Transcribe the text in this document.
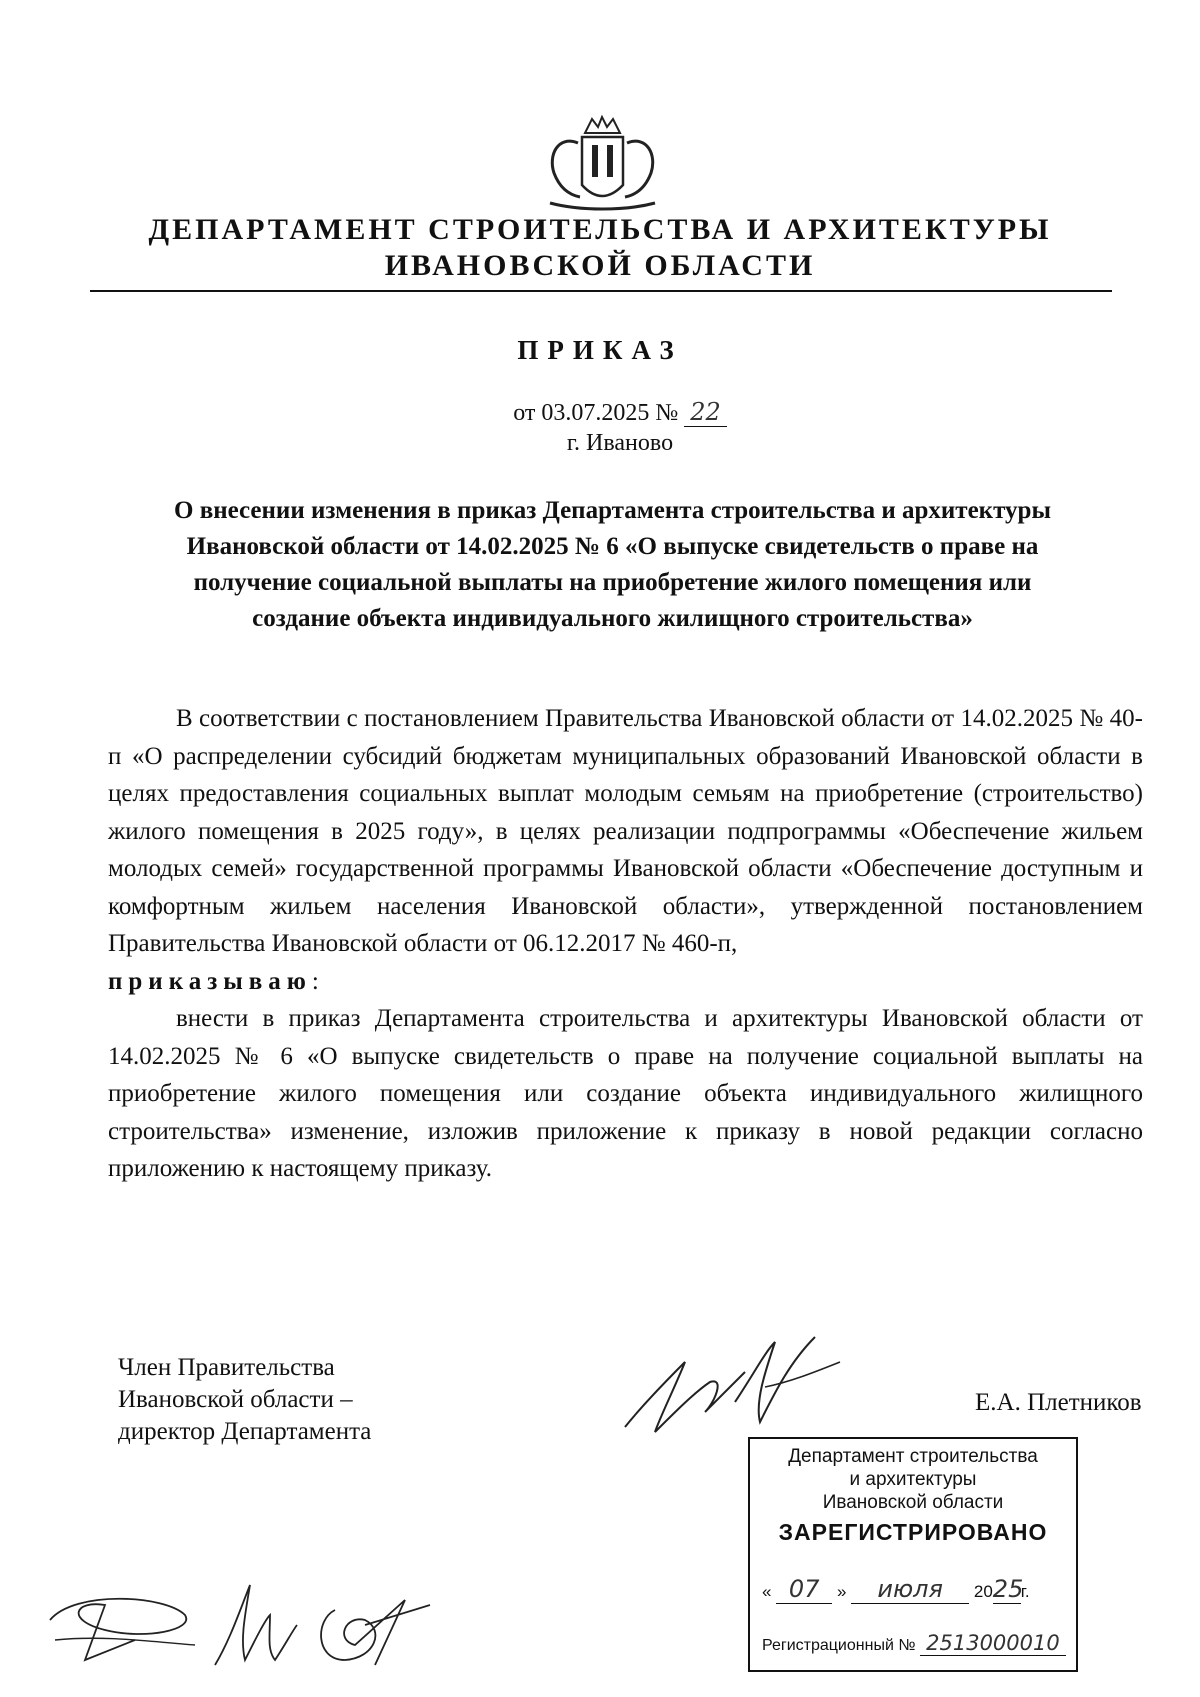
ДЕПАРТАМЕНТ СТРОИТЕЛЬСТВА И АРХИТЕКТУРЫ
ИВАНОВСКОЙ ОБЛАСТИ
ПРИКАЗ
от 03.07.2025 № 22
г. Иваново
О внесении изменения в приказ Департамента строительства и архитектуры
Ивановской области от 14.02.2025 № 6 «О выпуске свидетельств о праве на
получение социальной выплаты на приобретение жилого помещения или
создание объекта индивидуального жилищного строительства»

В соответствии с постановлением Правительства Ивановской области от 14.02.2025 № 40-п «О распределении субсидий бюджетам муниципальных образований Ивановской области в целях предоставления социальных выплат молодым семьям на приобретение (строительство) жилого помещения в 2025 году», в целях реализации подпрограммы «Обеспечение жильем молодых семей» государственной программы Ивановской области «Обеспечение доступным и комфортным жильем населения Ивановской области», утвержденной постановлением Правительства Ивановской области от 06.12.2017 № 460-п,

приказываю:

внести в приказ Департамента строительства и архитектуры Ивановской области от 14.02.2025 № 6 «О выпуске свидетельств о праве на получение социальной выплаты на приобретение жилого помещения или создание объекта индивидуального жилищного строительства» изменение, изложив приложение к приказу в новой редакции согласно приложению к настоящему приказу.

Член Правительства
Ивановской области –
директор Департамента
Е.А. Плетников
Департамент строительства
и архитектуры
Ивановской области
ЗАРЕГИСТРИРОВАНО
« 07 » июля 2025г.
Регистрационный № 2513000010
